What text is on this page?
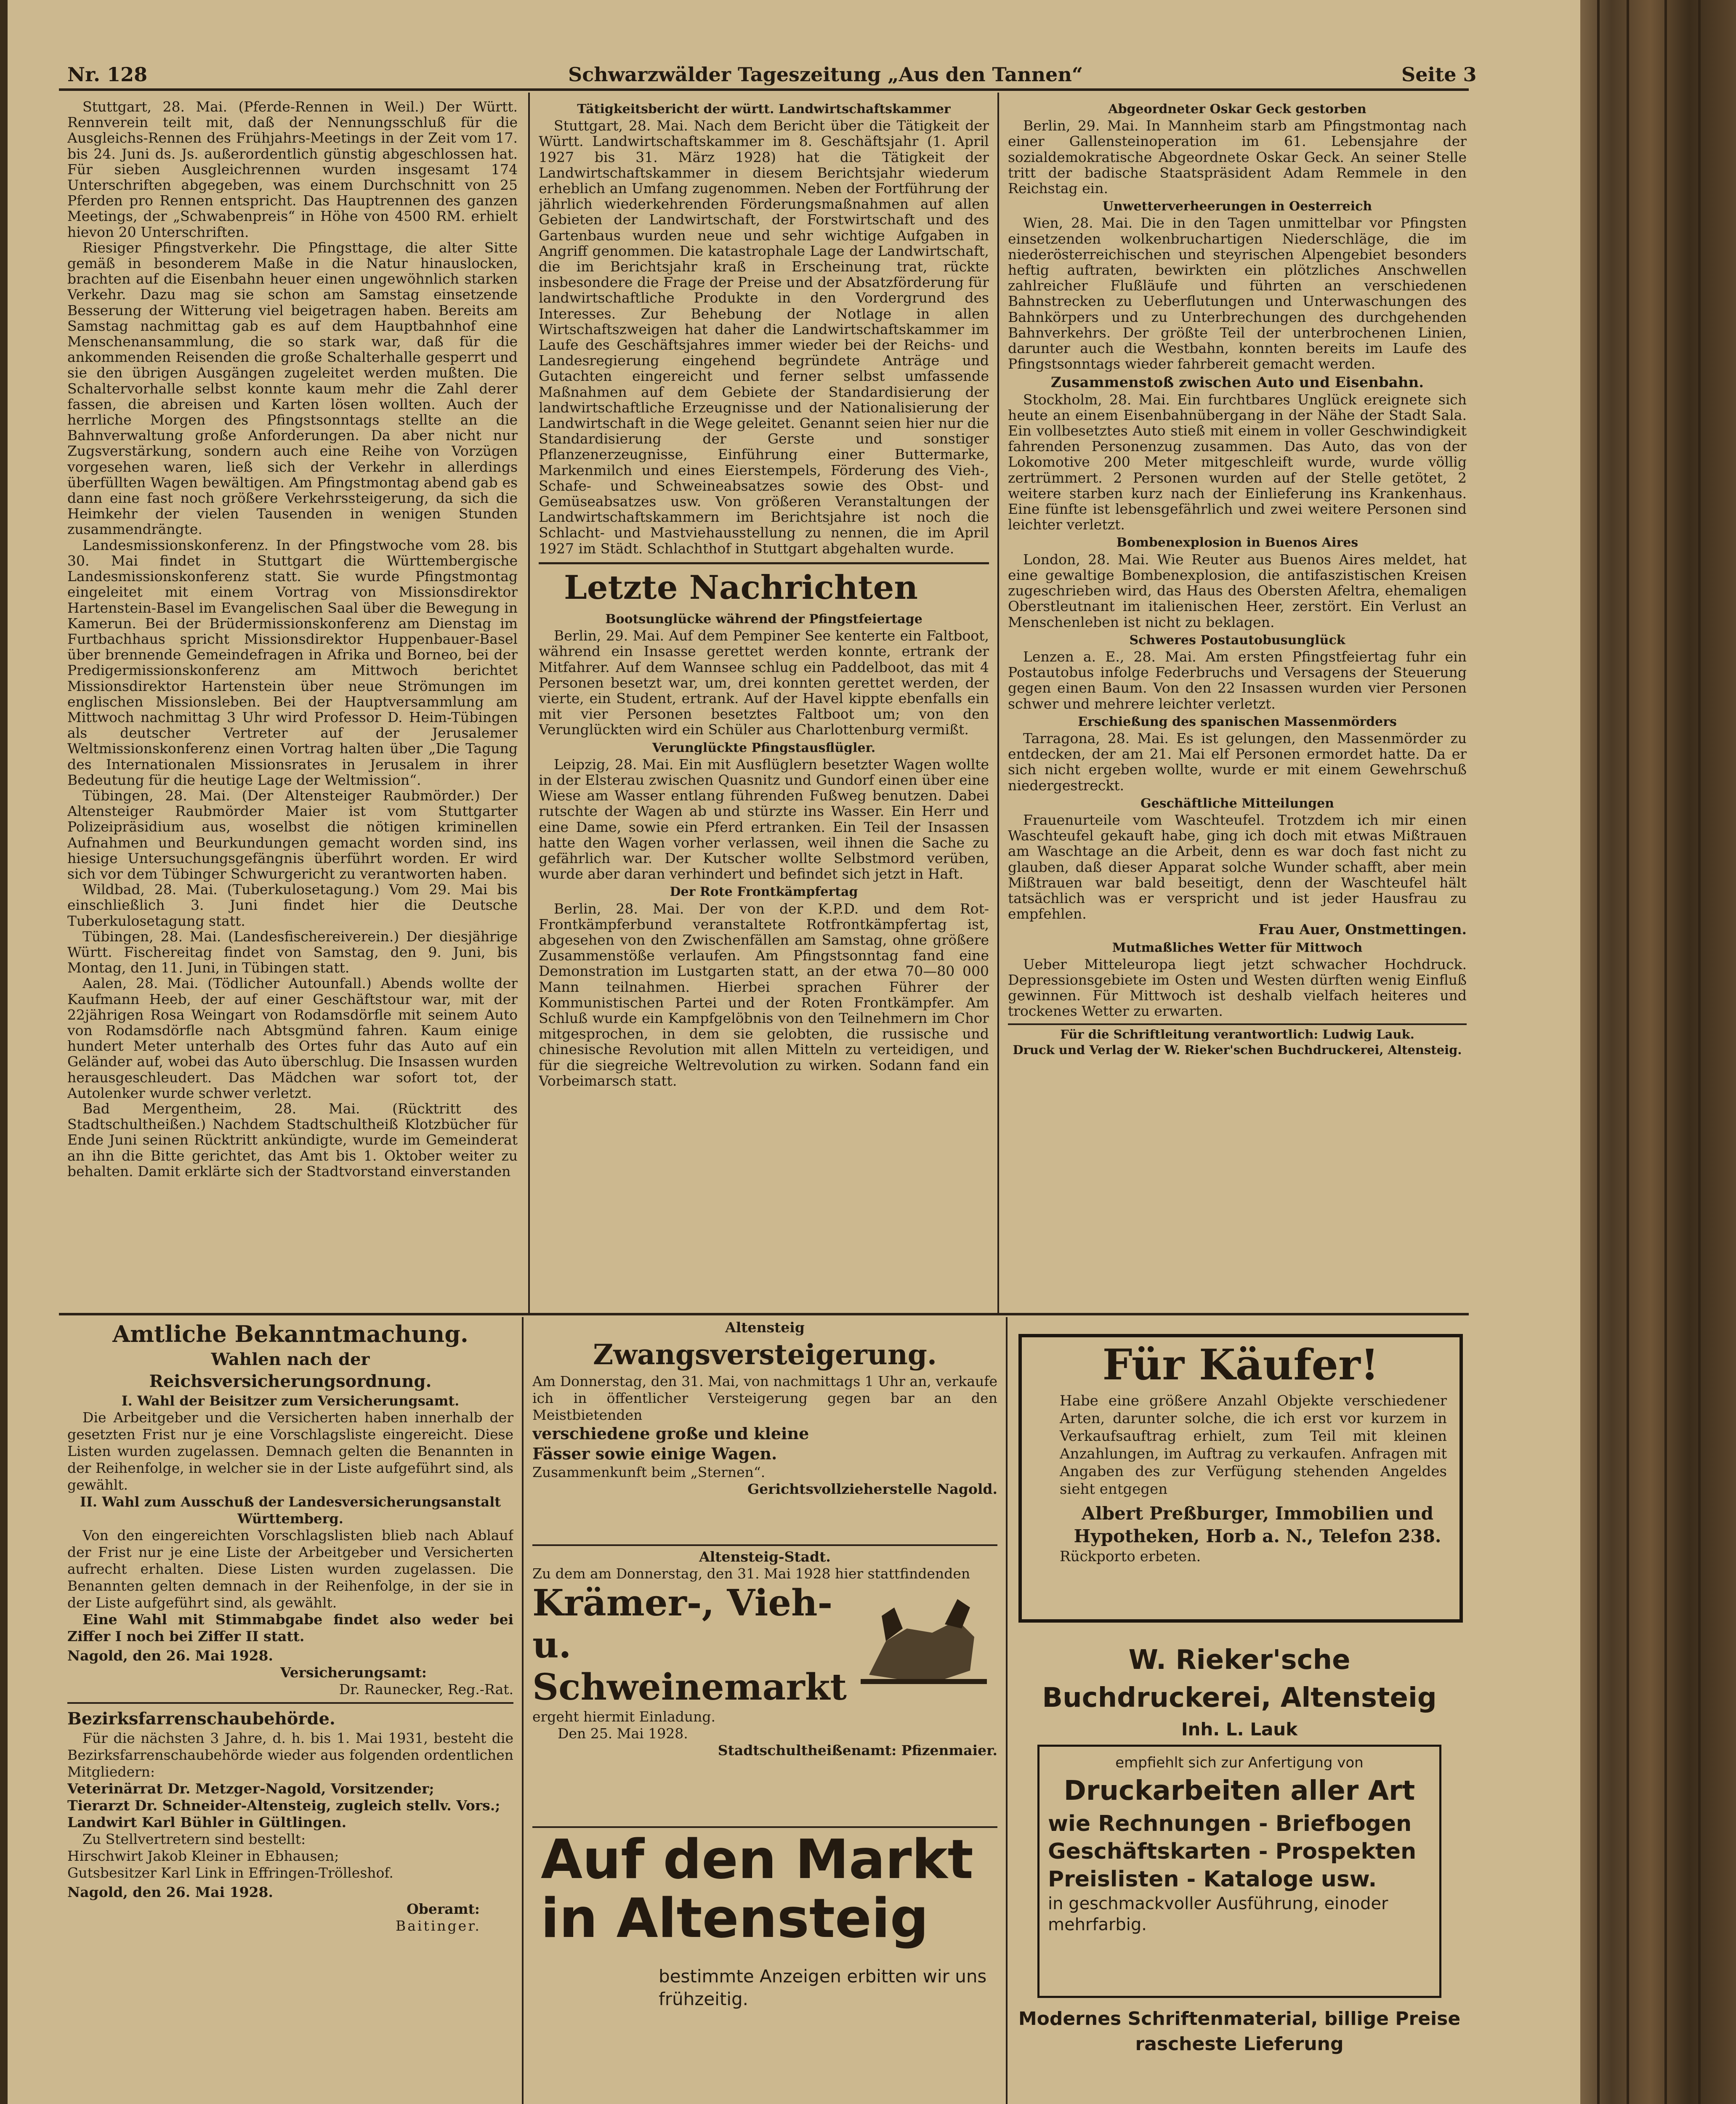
Nr. 128	Schwarzwälder Tageszeitung „Aus den Tannen“	Seite 3

Stuttgart, 28. Mai. (Pferde-Rennen in Weil.) Der Württ. Rennverein teilt mit, daß der Nennungsschluß für die Ausgleichs-Rennen des Frühjahrs-Meetings in der Zeit vom 17. bis 24. Juni ds. Js. außerordentlich günstig abgeschlossen hat. Für sieben Ausgleichrennen wurden insgesamt 174 Unterschriften abgegeben, was einem Durchschnitt von 25 Pferden pro Rennen entspricht. Das Hauptrennen des ganzen Meetings, der „Schwabenpreis“ in Höhe von 4500 RM. erhielt hievon 20 Unterschriften.

Riesiger Pfingstverkehr. Die Pfingsttage, die alter Sitte gemäß in besonderem Maße in die Natur hinauslocken, brachten auf die Eisenbahn heuer einen ungewöhnlich starken Verkehr. Dazu mag sie schon am Samstag einsetzende Besserung der Witterung viel beigetragen haben. Bereits am Samstag nachmittag gab es auf dem Hauptbahnhof eine Menschenansammlung, die so stark war, daß für die ankommenden Reisenden die große Schalterhalle gesperrt und sie den übrigen Ausgängen zugeleitet werden mußten. Die Schaltervorhalle selbst konnte kaum mehr die Zahl derer fassen, die abreisen und Karten lösen wollten. Auch der herrliche Morgen des Pfingstsonntags stellte an die Bahnverwaltung große Anforderungen. Da aber nicht nur Zugsverstärkung, sondern auch eine Reihe von Vorzügen vorgesehen waren, ließ sich der Verkehr in allerdings überfüllten Wagen bewältigen. Am Pfingstmontag abend gab es dann eine fast noch größere Verkehrssteigerung, da sich die Heimkehr der vielen Tausenden in wenigen Stunden zusammendrängte.

Landesmissionskonferenz. In der Pfingstwoche vom 28. bis 30. Mai findet in Stuttgart die Württembergische Landesmissionskonferenz statt. Sie wurde Pfingstmontag eingeleitet mit einem Vortrag von Missionsdirektor Hartenstein-Basel im Evangelischen Saal über die Bewegung in Kamerun. Bei der Brüdermissionskonferenz am Dienstag im Furtbachhaus spricht Missionsdirektor Huppenbauer-Basel über brennende Gemeindefragen in Afrika und Borneo, bei der Predigermissionskonferenz am Mittwoch berichtet Missionsdirektor Hartenstein über neue Strömungen im englischen Missionsleben. Bei der Hauptversammlung am Mittwoch nachmittag 3 Uhr wird Professor D. Heim-Tübingen als deutscher Vertreter auf der Jerusalemer Weltmissionskonferenz einen Vortrag halten über „Die Tagung des Internationalen Missionsrates in Jerusalem in ihrer Bedeutung für die heutige Lage der Weltmission“.

Tübingen, 28. Mai. (Der Altensteiger Raubmörder.) Der Altensteiger Raubmörder Maier ist vom Stuttgarter Polizeipräsidium aus, woselbst die nötigen kriminellen Aufnahmen und Beurkundungen gemacht worden sind, ins hiesige Untersuchungsgefängnis überführt worden. Er wird sich vor dem Tübinger Schwurgericht zu verantworten haben.

Wildbad, 28. Mai. (Tuberkulosetagung.) Vom 29. Mai bis einschließlich 3. Juni findet hier die Deutsche Tuberkulosetagung statt.

Tübingen, 28. Mai. (Landesfischereiverein.) Der diesjährige Württ. Fischereitag findet von Samstag, den 9. Juni, bis Montag, den 11. Juni, in Tübingen statt.

Aalen, 28. Mai. (Tödlicher Autounfall.) Abends wollte der Kaufmann Heeb, der auf einer Geschäftstour war, mit der 22jährigen Rosa Weingart von Rodamsdörfle mit seinem Auto von Rodamsdörfle nach Abtsgmünd fahren. Kaum einige hundert Meter unterhalb des Ortes fuhr das Auto auf ein Geländer auf, wobei das Auto überschlug. Die Insassen wurden herausgeschleudert. Das Mädchen war sofort tot, der Autolenker wurde schwer verletzt.

Bad Mergentheim, 28. Mai. (Rücktritt des Stadtschultheißen.) Nachdem Stadtschultheiß Klotzbücher für Ende Juni seinen Rücktritt ankündigte, wurde im Gemeinderat an ihn die Bitte gerichtet, das Amt bis 1. Oktober weiter zu behalten. Damit erklärte sich der Stadtvorstand einverstanden

Tätigkeitsbericht der württ. Landwirtschaftskammer

Stuttgart, 28. Mai. Nach dem Bericht über die Tätigkeit der Württ. Landwirtschaftskammer im 8. Geschäftsjahr (1. April 1927 bis 31. März 1928) hat die Tätigkeit der Landwirtschaftskammer in diesem Berichtsjahr wiederum erheblich an Umfang zugenommen. Neben der Fortführung der jährlich wiederkehrenden Förderungsmaßnahmen auf allen Gebieten der Landwirtschaft, der Forstwirtschaft und des Gartenbaus wurden neue und sehr wichtige Aufgaben in Angriff genommen. Die katastrophale Lage der Landwirtschaft, die im Berichtsjahr kraß in Erscheinung trat, rückte insbesondere die Frage der Preise und der Absatzförderung für landwirtschaftliche Produkte in den Vordergrund des Interesses. Zur Behebung der Notlage in allen Wirtschaftszweigen hat daher die Landwirtschaftskammer im Laufe des Geschäftsjahres immer wieder bei der Reichs- und Landesregierung eingehend begründete Anträge und Gutachten eingereicht und ferner selbst umfassende Maßnahmen auf dem Gebiete der Standardisierung der landwirtschaftliche Erzeugnisse und der Nationalisierung der Landwirtschaft in die Wege geleitet. Genannt seien hier nur die Standardisierung der Gerste und sonstiger Pflanzenerzeugnisse, Einführung einer Buttermarke, Markenmilch und eines Eierstempels, Förderung des Vieh-, Schafe- und Schweineabsatzes sowie des Obst- und Gemüseabsatzes usw. Von größeren Veranstaltungen der Landwirtschaftskammern im Berichtsjahre ist noch die Schlacht- und Mastviehausstellung zu nennen, die im April 1927 im Städt. Schlachthof in Stuttgart abgehalten wurde.

Letzte Nachrichten
Bootsunglücke während der Pfingstfeiertage

Berlin, 29. Mai. Auf dem Pempiner See kenterte ein Faltboot, während ein Insasse gerettet werden konnte, ertrank der Mitfahrer. Auf dem Wannsee schlug ein Paddelboot, das mit 4 Personen besetzt war, um, drei konnten gerettet werden, der vierte, ein Student, ertrank. Auf der Havel kippte ebenfalls ein mit vier Personen besetztes Faltboot um; von den Verunglückten wird ein Schüler aus Charlottenburg vermißt.

Verunglückte Pfingstausflügler.

Leipzig, 28. Mai. Ein mit Ausflüglern besetzter Wagen wollte in der Elsterau zwischen Quasnitz und Gundorf einen über eine Wiese am Wasser entlang führenden Fußweg benutzen. Dabei rutschte der Wagen ab und stürzte ins Wasser. Ein Herr und eine Dame, sowie ein Pferd ertranken. Ein Teil der Insassen hatte den Wagen vorher verlassen, weil ihnen die Sache zu gefährlich war. Der Kutscher wollte Selbstmord verüben, wurde aber daran verhindert und befindet sich jetzt in Haft.

Der Rote Frontkämpfertag

Berlin, 28. Mai. Der von der K.P.D. und dem Rot-Frontkämpferbund veranstaltete Rotfrontkämpfertag ist, abgesehen von den Zwischenfällen am Samstag, ohne größere Zusammenstöße verlaufen. Am Pfingstsonntag fand eine Demonstration im Lustgarten statt, an der etwa 70—80 000 Mann teilnahmen. Hierbei sprachen Führer der Kommunistischen Partei und der Roten Frontkämpfer. Am Schluß wurde ein Kampfgelöbnis von den Teilnehmern im Chor mitgesprochen, in dem sie gelobten, die russische und chinesische Revolution mit allen Mitteln zu verteidigen, und für die siegreiche Weltrevolution zu wirken. Sodann fand ein Vorbeimarsch statt.

Abgeordneter Oskar Geck gestorben

Berlin, 29. Mai. In Mannheim starb am Pfingstmontag nach einer Gallensteinoperation im 61. Lebensjahre der sozialdemokratische Abgeordnete Oskar Geck. An seiner Stelle tritt der badische Staatspräsident Adam Remmele in den Reichstag ein.

Unwetterverheerungen in Oesterreich

Wien, 28. Mai. Die in den Tagen unmittelbar vor Pfingsten einsetzenden wolkenbruchartigen Niederschläge, die im niederösterreichischen und steyrischen Alpengebiet besonders heftig auftraten, bewirkten ein plötzliches Anschwellen zahlreicher Flußläufe und führten an verschiedenen Bahnstrecken zu Ueberflutungen und Unterwaschungen des Bahnkörpers und zu Unterbrechungen des durchgehenden Bahnverkehrs. Der größte Teil der unterbrochenen Linien, darunter auch die Westbahn, konnten bereits im Laufe des Pfingstsonntags wieder fahrbereit gemacht werden.

Zusammenstoß zwischen Auto und Eisenbahn.

Stockholm, 28. Mai. Ein furchtbares Unglück ereignete sich heute an einem Eisenbahnübergang in der Nähe der Stadt Sala. Ein vollbesetztes Auto stieß mit einem in voller Geschwindigkeit fahrenden Personenzug zusammen. Das Auto, das von der Lokomotive 200 Meter mitgeschleift wurde, wurde völlig zertrümmert. 2 Personen wurden auf der Stelle getötet, 2 weitere starben kurz nach der Einlieferung ins Krankenhaus. Eine fünfte ist lebensgefährlich und zwei weitere Personen sind leichter verletzt.

Bombenexplosion in Buenos Aires

London, 28. Mai. Wie Reuter aus Buenos Aires meldet, hat eine gewaltige Bombenexplosion, die antifaszistischen Kreisen zugeschrieben wird, das Haus des Obersten Afeltra, ehemaligen Oberstleutnant im italienischen Heer, zerstört. Ein Verlust an Menschenleben ist nicht zu beklagen.

Schweres Postautobusunglück

Lenzen a. E., 28. Mai. Am ersten Pfingstfeiertag fuhr ein Postautobus infolge Federbruchs und Versagens der Steuerung gegen einen Baum. Von den 22 Insassen wurden vier Personen schwer und mehrere leichter verletzt.

Erschießung des spanischen Massenmörders

Tarragona, 28. Mai. Es ist gelungen, den Massenmörder zu entdecken, der am 21. Mai elf Personen ermordet hatte. Da er sich nicht ergeben wollte, wurde er mit einem Gewehrschuß niedergestreckt.

Geschäftliche Mitteilungen

Frauenurteile vom Waschteufel. Trotzdem ich mir einen Waschteufel gekauft habe, ging ich doch mit etwas Mißtrauen am Waschtage an die Arbeit, denn es war doch fast nicht zu glauben, daß dieser Apparat solche Wunder schafft, aber mein Mißtrauen war bald beseitigt, denn der Waschteufel hält tatsächlich was er verspricht und ist jeder Hausfrau zu empfehlen.

Frau Auer, Onstmettingen.
Mutmaßliches Wetter für Mittwoch

Ueber Mitteleuropa liegt jetzt schwacher Hochdruck. Depressionsgebiete im Osten und Westen dürften wenig Einfluß gewinnen. Für Mittwoch ist deshalb vielfach heiteres und trockenes Wetter zu erwarten.

Für die Schriftleitung verantwortlich: Ludwig Lauk.
Druck und Verlag der W. Rieker'schen Buchdruckerei, Altensteig.
Amtliche Bekanntmachung.
Wahlen nach der Reichsversicherungsordnung.
I. Wahl der Beisitzer zum Versicherungsamt.

Die Arbeitgeber und die Versicherten haben innerhalb der gesetzten Frist nur je eine Vorschlagsliste eingereicht. Diese Listen wurden zugelassen. Demnach gelten die Benannten in der Reihenfolge, in welcher sie in der Liste aufgeführt sind, als gewählt.

II. Wahl zum Ausschuß der Landesversicherungsanstalt Württemberg.

Von den eingereichten Vorschlagslisten blieb nach Ablauf der Frist nur je eine Liste der Arbeitgeber und Versicherten aufrecht erhalten. Diese Listen wurden zugelassen. Die Benannten gelten demnach in der Reihenfolge, in der sie in der Liste aufgeführt sind, als gewählt.

Eine Wahl mit Stimmabgabe findet also weder bei Ziffer I noch bei Ziffer II statt.

Nagold, den 26. Mai 1928.
Versicherungsamt:
Dr. Raunecker, Reg.-Rat.
Bezirksfarrenschaubehörde.

Für die nächsten 3 Jahre, d. h. bis 1. Mai 1931, besteht die Bezirksfarrenschaubehörde wieder aus folgenden ordentlichen Mitgliedern:

Veterinärrat Dr. Metzger-Nagold, Vorsitzender;
Tierarzt Dr. Schneider-Altensteig, zugleich stellv. Vors.;
Landwirt Karl Bühler in Gültlingen.

Zu Stellvertretern sind bestellt:

Hirschwirt Jakob Kleiner in Ebhausen;
Gutsbesitzer Karl Link in Effringen-Trölleshof.
Nagold, den 26. Mai 1928.
Oberamt:
Baitinger.
Altensteig
Zwangsversteigerung.
Am Donnerstag, den 31. Mai, von nachmittags 1 Uhr an, verkaufe ich in öffentlicher Versteigerung gegen bar an den Meistbietenden
verschiedene große und kleine Fässer sowie einige Wagen.
Zusammenkunft beim „Sternen“.
Gerichtsvollzieherstelle Nagold.
Altensteig-Stadt.
Zu dem am Donnerstag, den 31. Mai 1928 hier stattfindenden
Krämer-, Vieh-
u. Schweinemarkt
ergeht hiermit Einladung.
Den 25. Mai 1928.
Stadtschultheißenamt: Pfizenmaier.
Auf den Markt
in Altensteig
bestimmte Anzeigen erbitten wir uns frühzeitig.
Für Käufer!
Habe eine größere Anzahl Objekte verschiedener Arten, darunter solche, die ich erst vor kurzem in Verkaufsauftrag erhielt, zum Teil mit kleinen Anzahlungen, im Auftrag zu verkaufen. Anfragen mit Angaben des zur Verfügung stehenden Angeldes sieht entgegen
Albert Preßburger, Immobilien und Hypotheken, Horb a. N., Telefon 238.
Rückporto erbeten.
W. Rieker'sche Buchdruckerei, Altensteig
Inh. L. Lauk
empfiehlt sich zur Anfertigung von
Druckarbeiten aller Art
wie Rechnungen - Briefbogen
Geschäftskarten - Prospekten
Preislisten - Kataloge usw.
in geschmackvoller Ausführung, einoder mehrfarbig.
Modernes Schriftenmaterial, billige Preise
rascheste Lieferung
